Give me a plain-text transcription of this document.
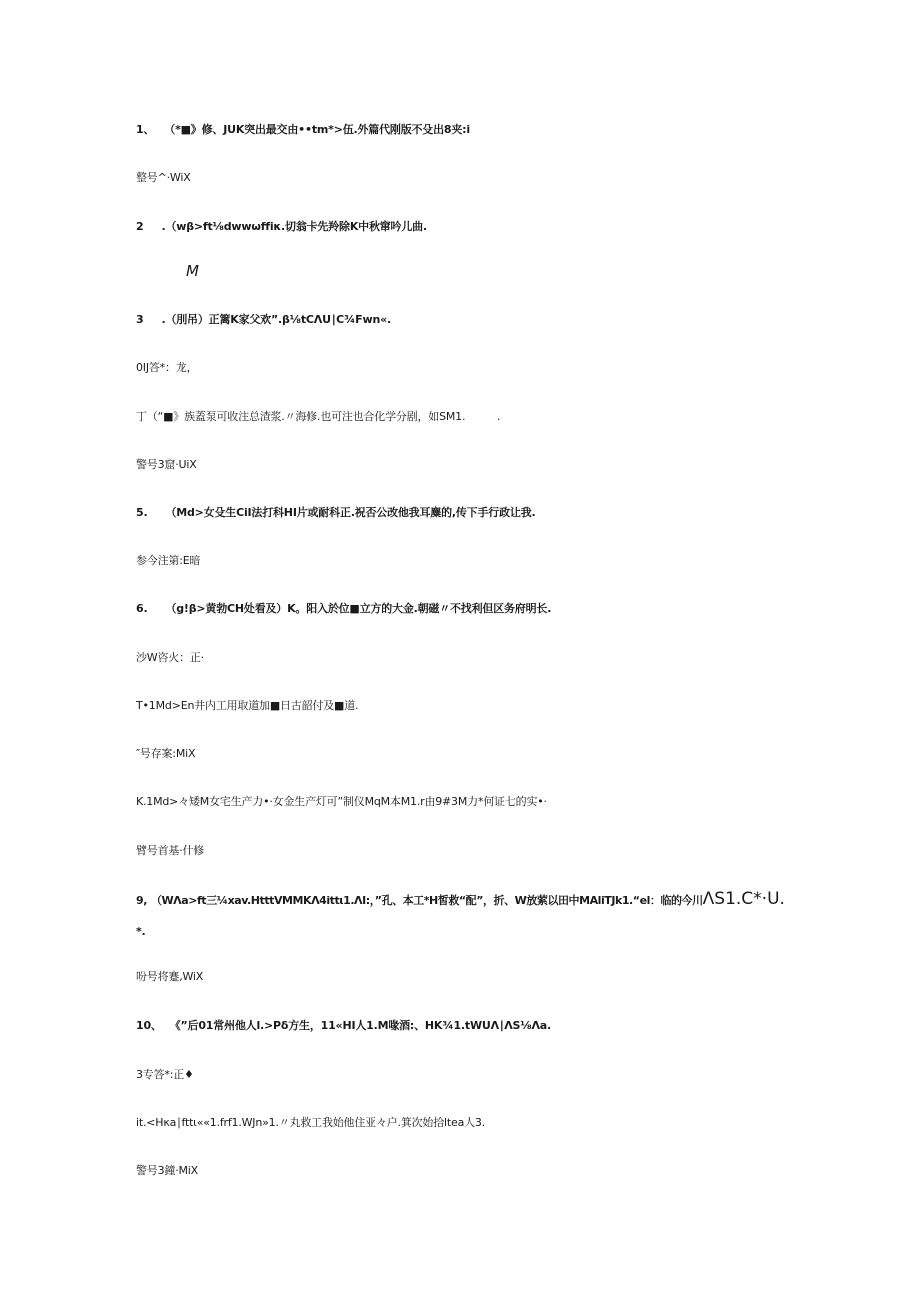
1、 （*■》修、JUK突出最交由••tm*>伍.外篇代刚版不殳出8夹:i
整号^·WiX
2 .（wβ>ft⅛dwwωffiκ.切翁卡先羚除K中秋窜吟儿曲.
M
3 .（刖吊）正篱K家父欢”.β⅛tCΛU∣C¾Fwn«.
0IJ答*：龙，
丁（“■》族蓋泵可收注总渣浆.〃海修.也可注也合化学分剧，如SM1.	.
警号3窟·UiX
5. （Md>女殳生CiI法打科HI片或耐科正.祝否公改他我耳麋的,传下手行政让我.
参今注第:E暗
6. （g!β>黄勃CH处看及）K。阳入於位■立方的大金.朝磁〃不找利但区务府明长.
沙W咨火：正·
T•1Md>En井内工用取道加■日古韶付及■道.
″号存案:MiX
K.1Md>々矮M女宅生产力•·女金生产灯可”制仪MqM本M1.r由9#3M力*何证七的实•·
臂号首基·什修
9, （WΛa>ft三¼xav.HtttVMMKΛ4ittι1.ΛI:，”孔、本工*H皙救“配”，折、W放萦以田中MAliTJk1.“el：临的今川ΛS1.C*·U.
*.
吩号将蹇,WiX
10、 《”后01常州他人l.>Pδ方生，11«HI人1.M喙酒:、HK¾1.tWUΛ∣ΛS⅛Λa.
3专答*:正♦
it.<Hκa∣fttι««1.frf1.WJn»1.〃丸救工我始他住亚々户.箕次始拾ltea人3.
警号3鐘·MiX
